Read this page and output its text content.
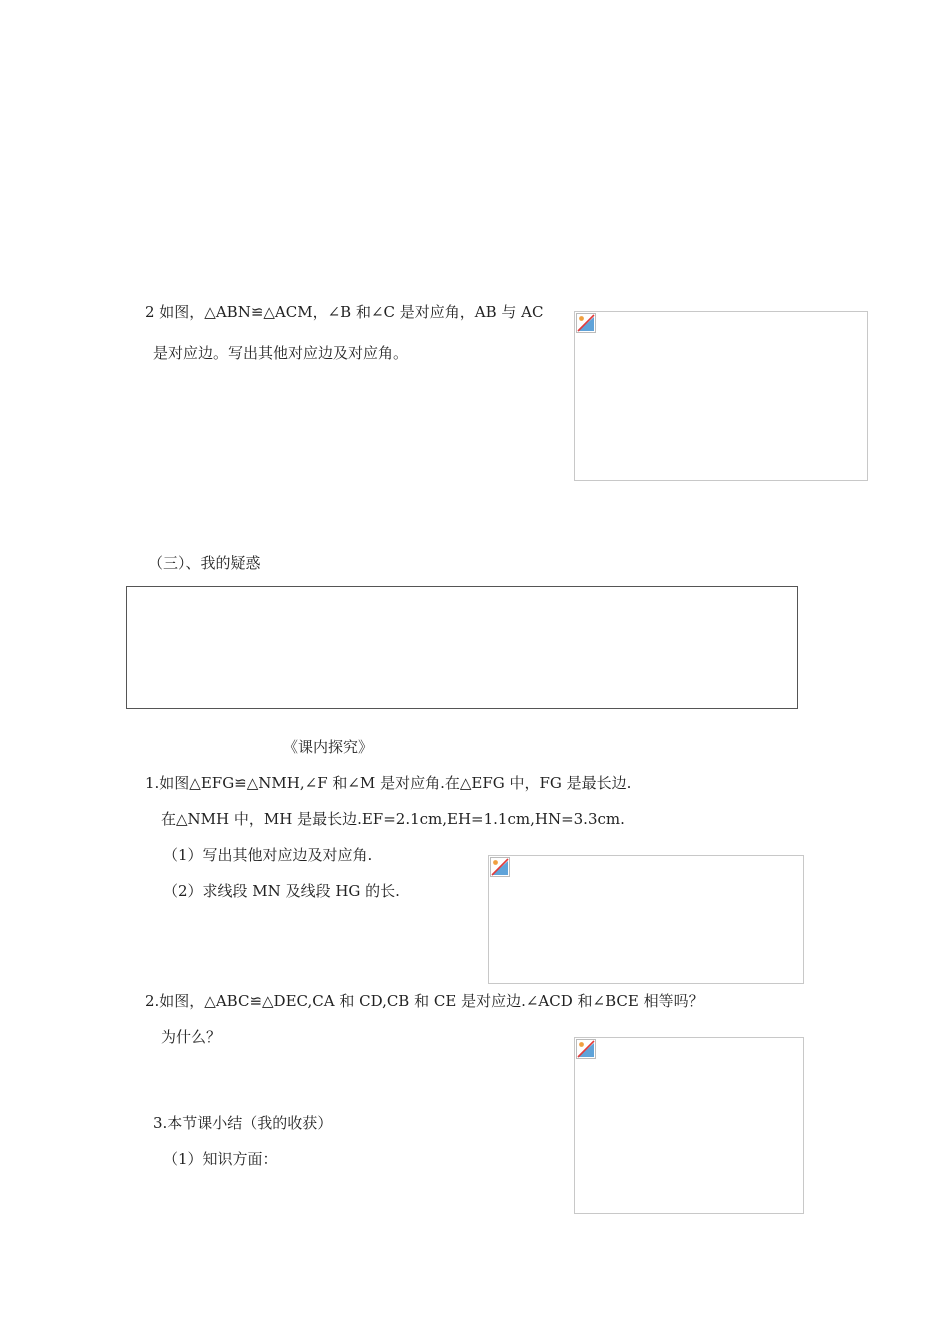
2 如图，△ABN≌△ACM，∠B 和∠C 是对应角，AB 与 AC
是对应边。写出其他对应边及对应角。
（三）、我的疑惑
《课内探究》
1.如图△EFG≌△NMH,∠F 和∠M 是对应角.在△EFG 中，FG 是最长边.
在△NMH 中，MH 是最长边.EF=2.1cm,EH=1.1cm,HN=3.3cm.
（1）写出其他对应边及对应角.
（2）求线段 MN 及线段 HG 的长.
2.如图，△ABC≌△DEC,CA 和 CD,CB 和 CE 是对应边.∠ACD 和∠BCE 相等吗？
为什么？
3.本节课小结（我的收获）
（1）知识方面：
